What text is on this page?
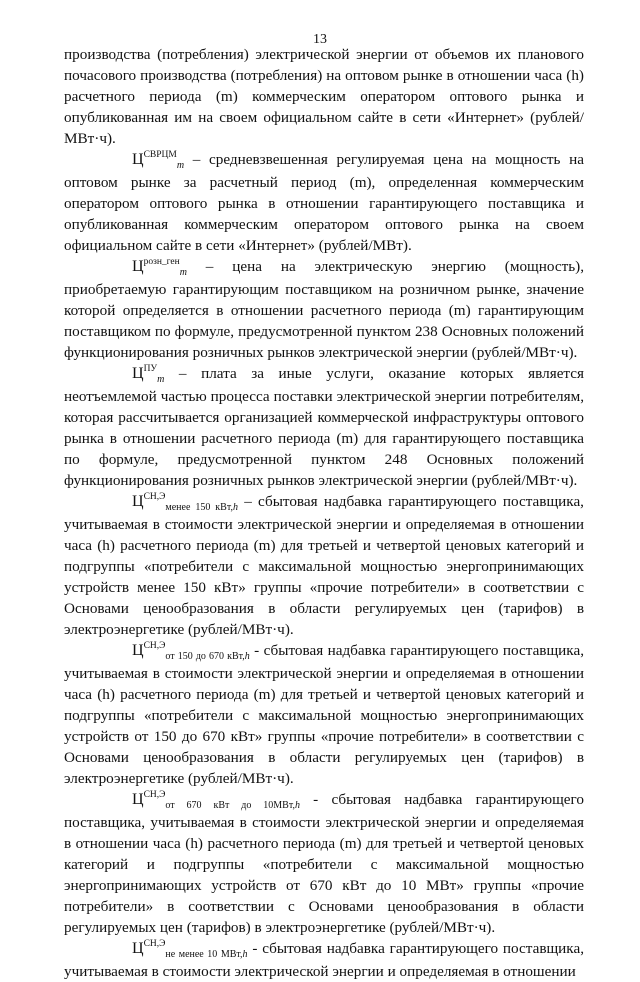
13

производства (потребления) электрической энергии от объемов их планового почасового производства (потребления) на оптовом рынке в отношении часа (h) расчетного периода (m) коммерческим оператором оптового рынка и опубликованная им на своем официальном сайте в сети «Интернет» (рублей/МВт·ч).

$Ц^{СВРЦМ}_m$ – средневзвешенная регулируемая цена на мощность на оптовом рынке за расчетный период (m), определенная коммерческим оператором оптового рынка в отношении гарантирующего поставщика и опубликованная коммерческим оператором оптового рынка на своем официальном сайте в сети «Интернет» (рублей/МВт).

$Ц^{розн\_ген}_m$ – цена на электрическую энергию (мощность), приобретаемую гарантирующим поставщиком на розничном рынке, значение которой определяется в отношении расчетного периода (m) гарантирующим поставщиком по формуле, предусмотренной пунктом 238 Основных положений функционирования розничных рынков электрической энергии (рублей/МВт·ч).

$Ц^{ПУ}_m$ – плата за иные услуги, оказание которых является неотъемлемой частью процесса поставки электрической энергии потребителям, которая рассчитывается организацией коммерческой инфраструктуры оптового рынка в отношении расчетного периода (m) для гарантирующего поставщика по формуле, предусмотренной пунктом 248 Основных положений функционирования розничных рынков электрической энергии (рублей/МВт·ч).

$Ц^{СН,Э}_{менее 150 кВт,h}$ – сбытовая надбавка гарантирующего поставщика, учитываемая в стоимости электрической энергии и определяемая в отношении часа (h) расчетного периода (m) для третьей и четвертой ценовых категорий и подгруппы «потребители с максимальной мощностью энергопринимающих устройств менее 150 кВт» группы «прочие потребители» в соответствии с Основами ценообразования в области регулируемых цен (тарифов) в электроэнергетике (рублей/МВт·ч).

$Ц^{СН,Э}_{от 150 до 670 кВт,h}$ - сбытовая надбавка гарантирующего поставщика, учитываемая в стоимости электрической энергии и определяемая в отношении часа (h) расчетного периода (m) для третьей и четвертой ценовых категорий и подгруппы «потребители с максимальной мощностью энергопринимающих устройств от 150 до 670 кВт» группы «прочие потребители» в соответствии с Основами ценообразования в области регулируемых цен (тарифов) в электроэнергетике (рублей/МВт·ч).

$Ц^{СН,Э}_{от 670 кВт до 10МВт,h}$ - сбытовая надбавка гарантирующего поставщика, учитываемая в стоимости электрической энергии и определяемая в отношении часа (h) расчетного периода (m) для третьей и четвертой ценовых категорий и подгруппы «потребители с максимальной мощностью энергопринимающих устройств от 670 кВт до 10 МВт» группы «прочие потребители» в соответствии с Основами ценообразования в области регулируемых цен (тарифов) в электроэнергетике (рублей/МВт·ч).

$Ц^{СН,Э}_{не менее 10 МВт,h}$ - сбытовая надбавка гарантирующего поставщика, учитываемая в стоимости электрической энергии и определяемая в отношении
